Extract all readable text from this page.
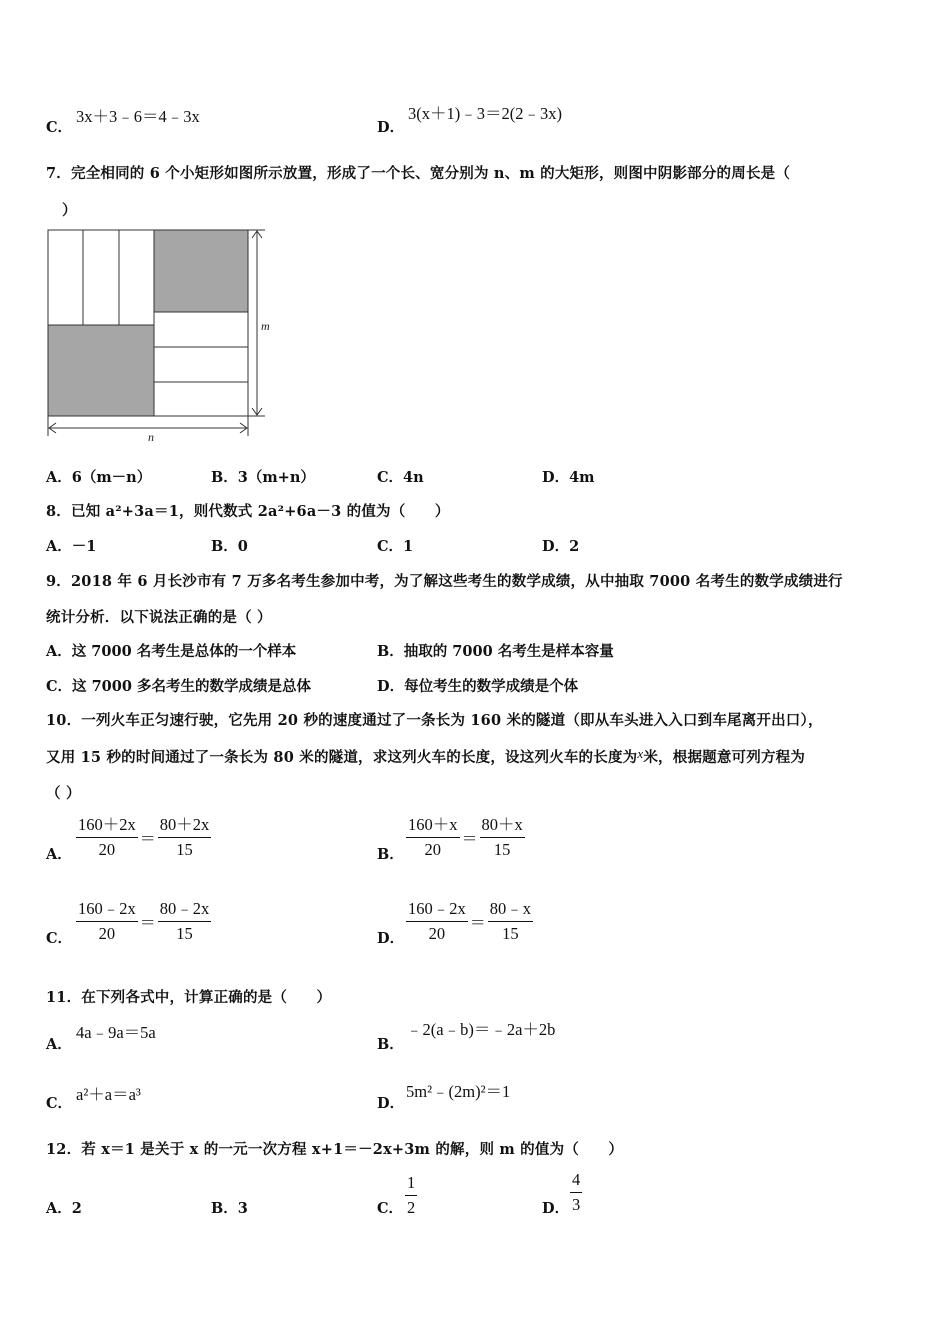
C．
3x＋3﹣6＝4﹣3x
D．
3(x＋1)﹣3＝2(2﹣3x)
7．完全相同的 6 个小矩形如图所示放置，形成了一个长、宽分别为 n、m 的大矩形，则图中阴影部分的周长是（
）
m
n
A．6（m－n）	B．3（m+n）	C．4n	D．4m
8．已知 a²+3a＝1，则代数式 2a²+6a－3 的值为（　　）
A．－1	B．0	C．1	D．2
9．2018 年 6 月长沙市有 7 万多名考生参加中考，为了解这些考生的数学成绩，从中抽取 7000 名考生的数学成绩进行
统计分析．以下说法正确的是（ ）
A．这 7000 名考生是总体的一个样本	B．抽取的 7000 名考生是样本容量
C．这 7000 多名考生的数学成绩是总体	D．每位考生的数学成绩是个体
10．一列火车正匀速行驶，它先用 20 秒的速度通过了一条长为 160 米的隧道（即从车头进入入口到车尾离开出口），
又用 15 秒的时间通过了一条长为 80 米的隧道，求这列火车的长度，设这列火车的长度为x米，根据题意可列方程为
（ ）
A． $\frac{160+2x}{20} = \frac{80+2x}{15}$	B． $\frac{160+x}{20} = \frac{80+x}{15}$
C． $\frac{160﹣2x}{20} = \frac{80﹣2x}{15}$	D． $\frac{160﹣2x}{20} = \frac{80﹣x}{15}$
11．在下列各式中，计算正确的是（　　）
A．
4a﹣9a＝5a
B．
﹣2(a﹣b)＝﹣2a＋2b
C． a²＋a＝a³	D．
5m²﹣(2m)²＝1
12．若 x＝1 是关于 x 的一元一次方程 x+1＝－2x+3m 的解，则 m 的值为（　　）
A．2	B．3	C． $\frac{1}{2}$	D． $\frac{4}{3}$
